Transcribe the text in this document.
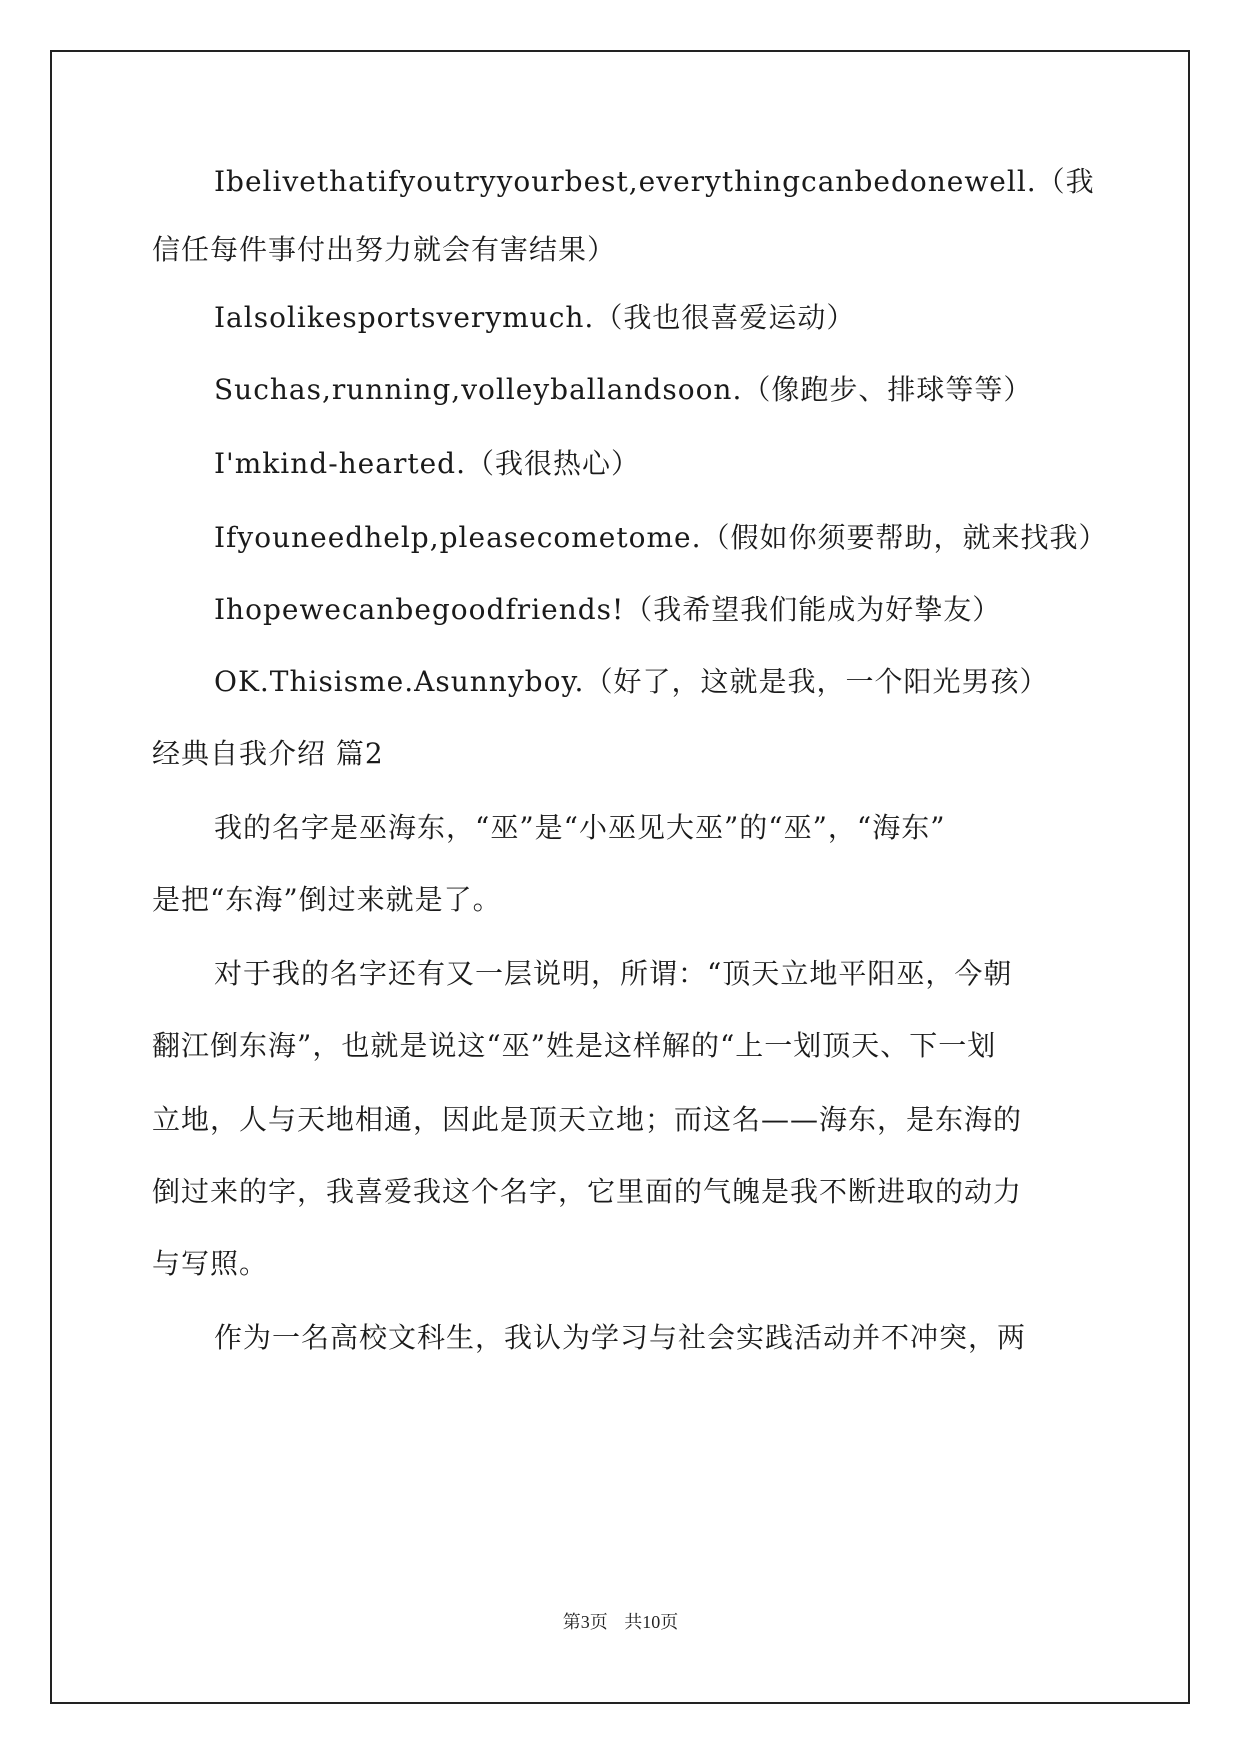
Ibelivethatifyoutryyourbest,everythingcanbedonewell.（我
信任每件事付出努力就会有害结果）
Ialsolikesportsverymuch.（我也很喜爱运动）
Suchas,running,volleyballandsoon.（像跑步、排球等等）
I'mkind-hearted.（我很热心）
Ifyouneedhelp,pleasecometome.（假如你须要帮助，就来找我）
Ihopewecanbegoodfriends!（我希望我们能成为好挚友）
OK.Thisisme.Asunnyboy.（好了，这就是我，一个阳光男孩）
经典自我介绍 篇2
我的名字是巫海东，“巫”是“小巫见大巫”的“巫”，“海东”
是把“东海”倒过来就是了。
对于我的名字还有又一层说明，所谓：“顶天立地平阳巫，今朝
翻江倒东海”，也就是说这“巫”姓是这样解的“上一划顶天、下一划
立地，人与天地相通，因此是顶天立地；而这名——海东，是东海的
倒过来的字，我喜爱我这个名字，它里面的气魄是我不断进取的动力
与写照。
作为一名高校文科生，我认为学习与社会实践活动并不冲突，两
第3页 共10页
